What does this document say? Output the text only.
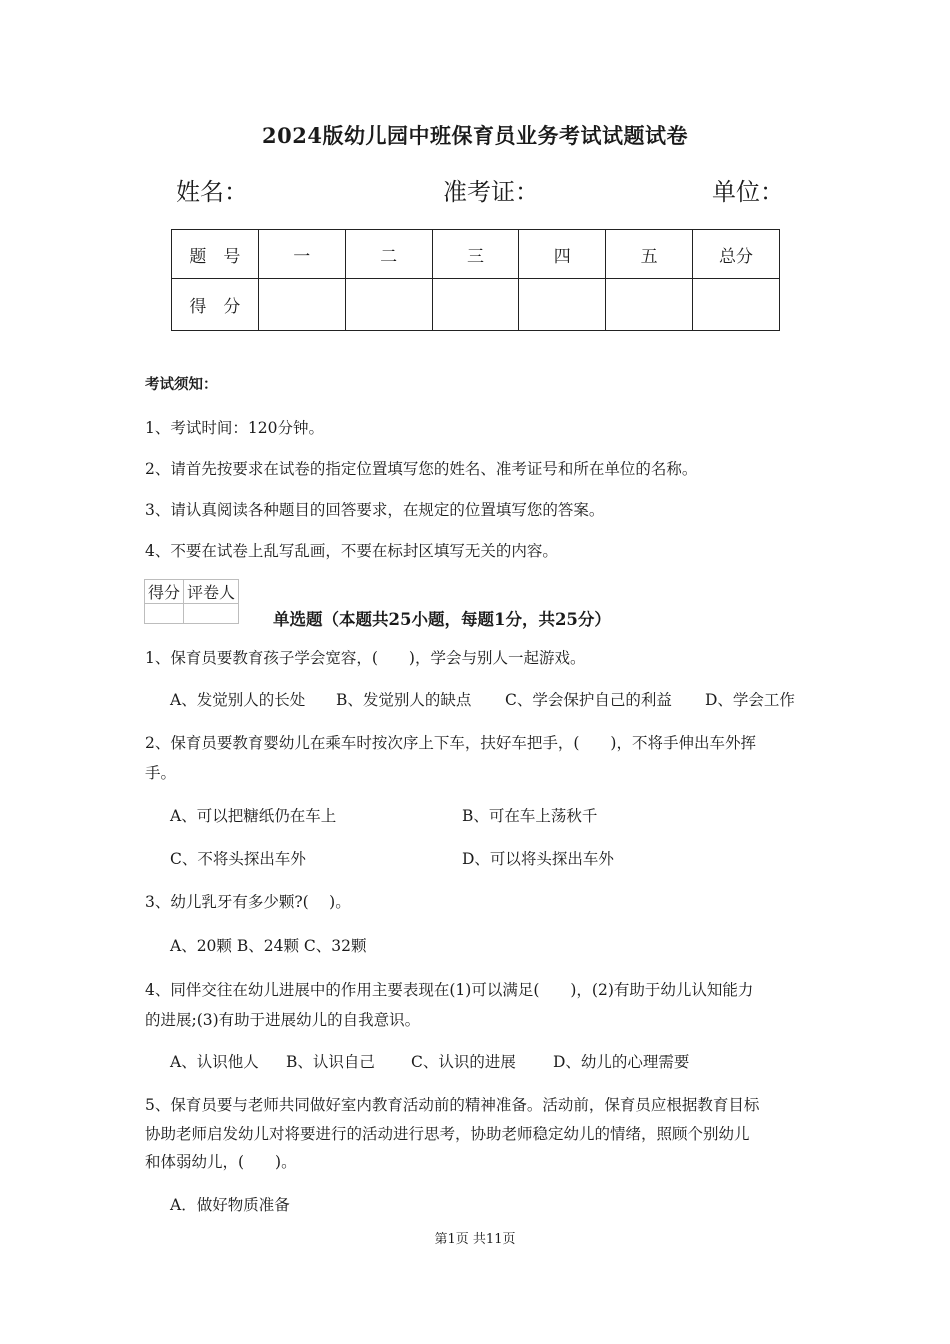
2024版幼儿园中班保育员业务考试试题试卷
姓名：	准考证：	单位：
题　号	一	二	三	四	五	总分
得　分						
考试须知：
1、考试时间：120分钟。
2、请首先按要求在试卷的指定位置填写您的姓名、准考证号和所在单位的名称。
3、请认真阅读各种题目的回答要求，在规定的位置填写您的答案。
4、不要在试卷上乱写乱画，不要在标封区填写无关的内容。
得分	评卷人

单选题（本题共25小题，每题1分，共25分）
1、保育员要教育孩子学会宽容，(　　)，学会与别人一起游戏。
A、发觉别人的长处 B、发觉别人的缺点 C、学会保护自己的利益 D、学会工作
2、保育员要教育婴幼儿在乘车时按次序上下车，扶好车把手，(　　)，不将手伸出车外挥
手。
A、可以把糖纸仍在车上	B、可在车上荡秋千
C、不将头探出车外	D、可以将头探出车外
3、幼儿乳牙有多少颗?(　 )。
A、20颗 B、24颗 C、32颗
4、同伴交往在幼儿进展中的作用主要表现在(1)可以满足(　　)，(2)有助于幼儿认知能力
的进展;(3)有助于进展幼儿的自我意识。
A、认识他人 B、认识自己 C、认识的进展 D、幼儿的心理需要
5、保育员要与老师共同做好室内教育活动前的精神准备。活动前，保育员应根据教育目标
协助老师启发幼儿对将要进行的活动进行思考，协助老师稳定幼儿的情绪，照顾个别幼儿
和体弱幼儿，(　　)。
A．做好物质准备
第1页 共11页
